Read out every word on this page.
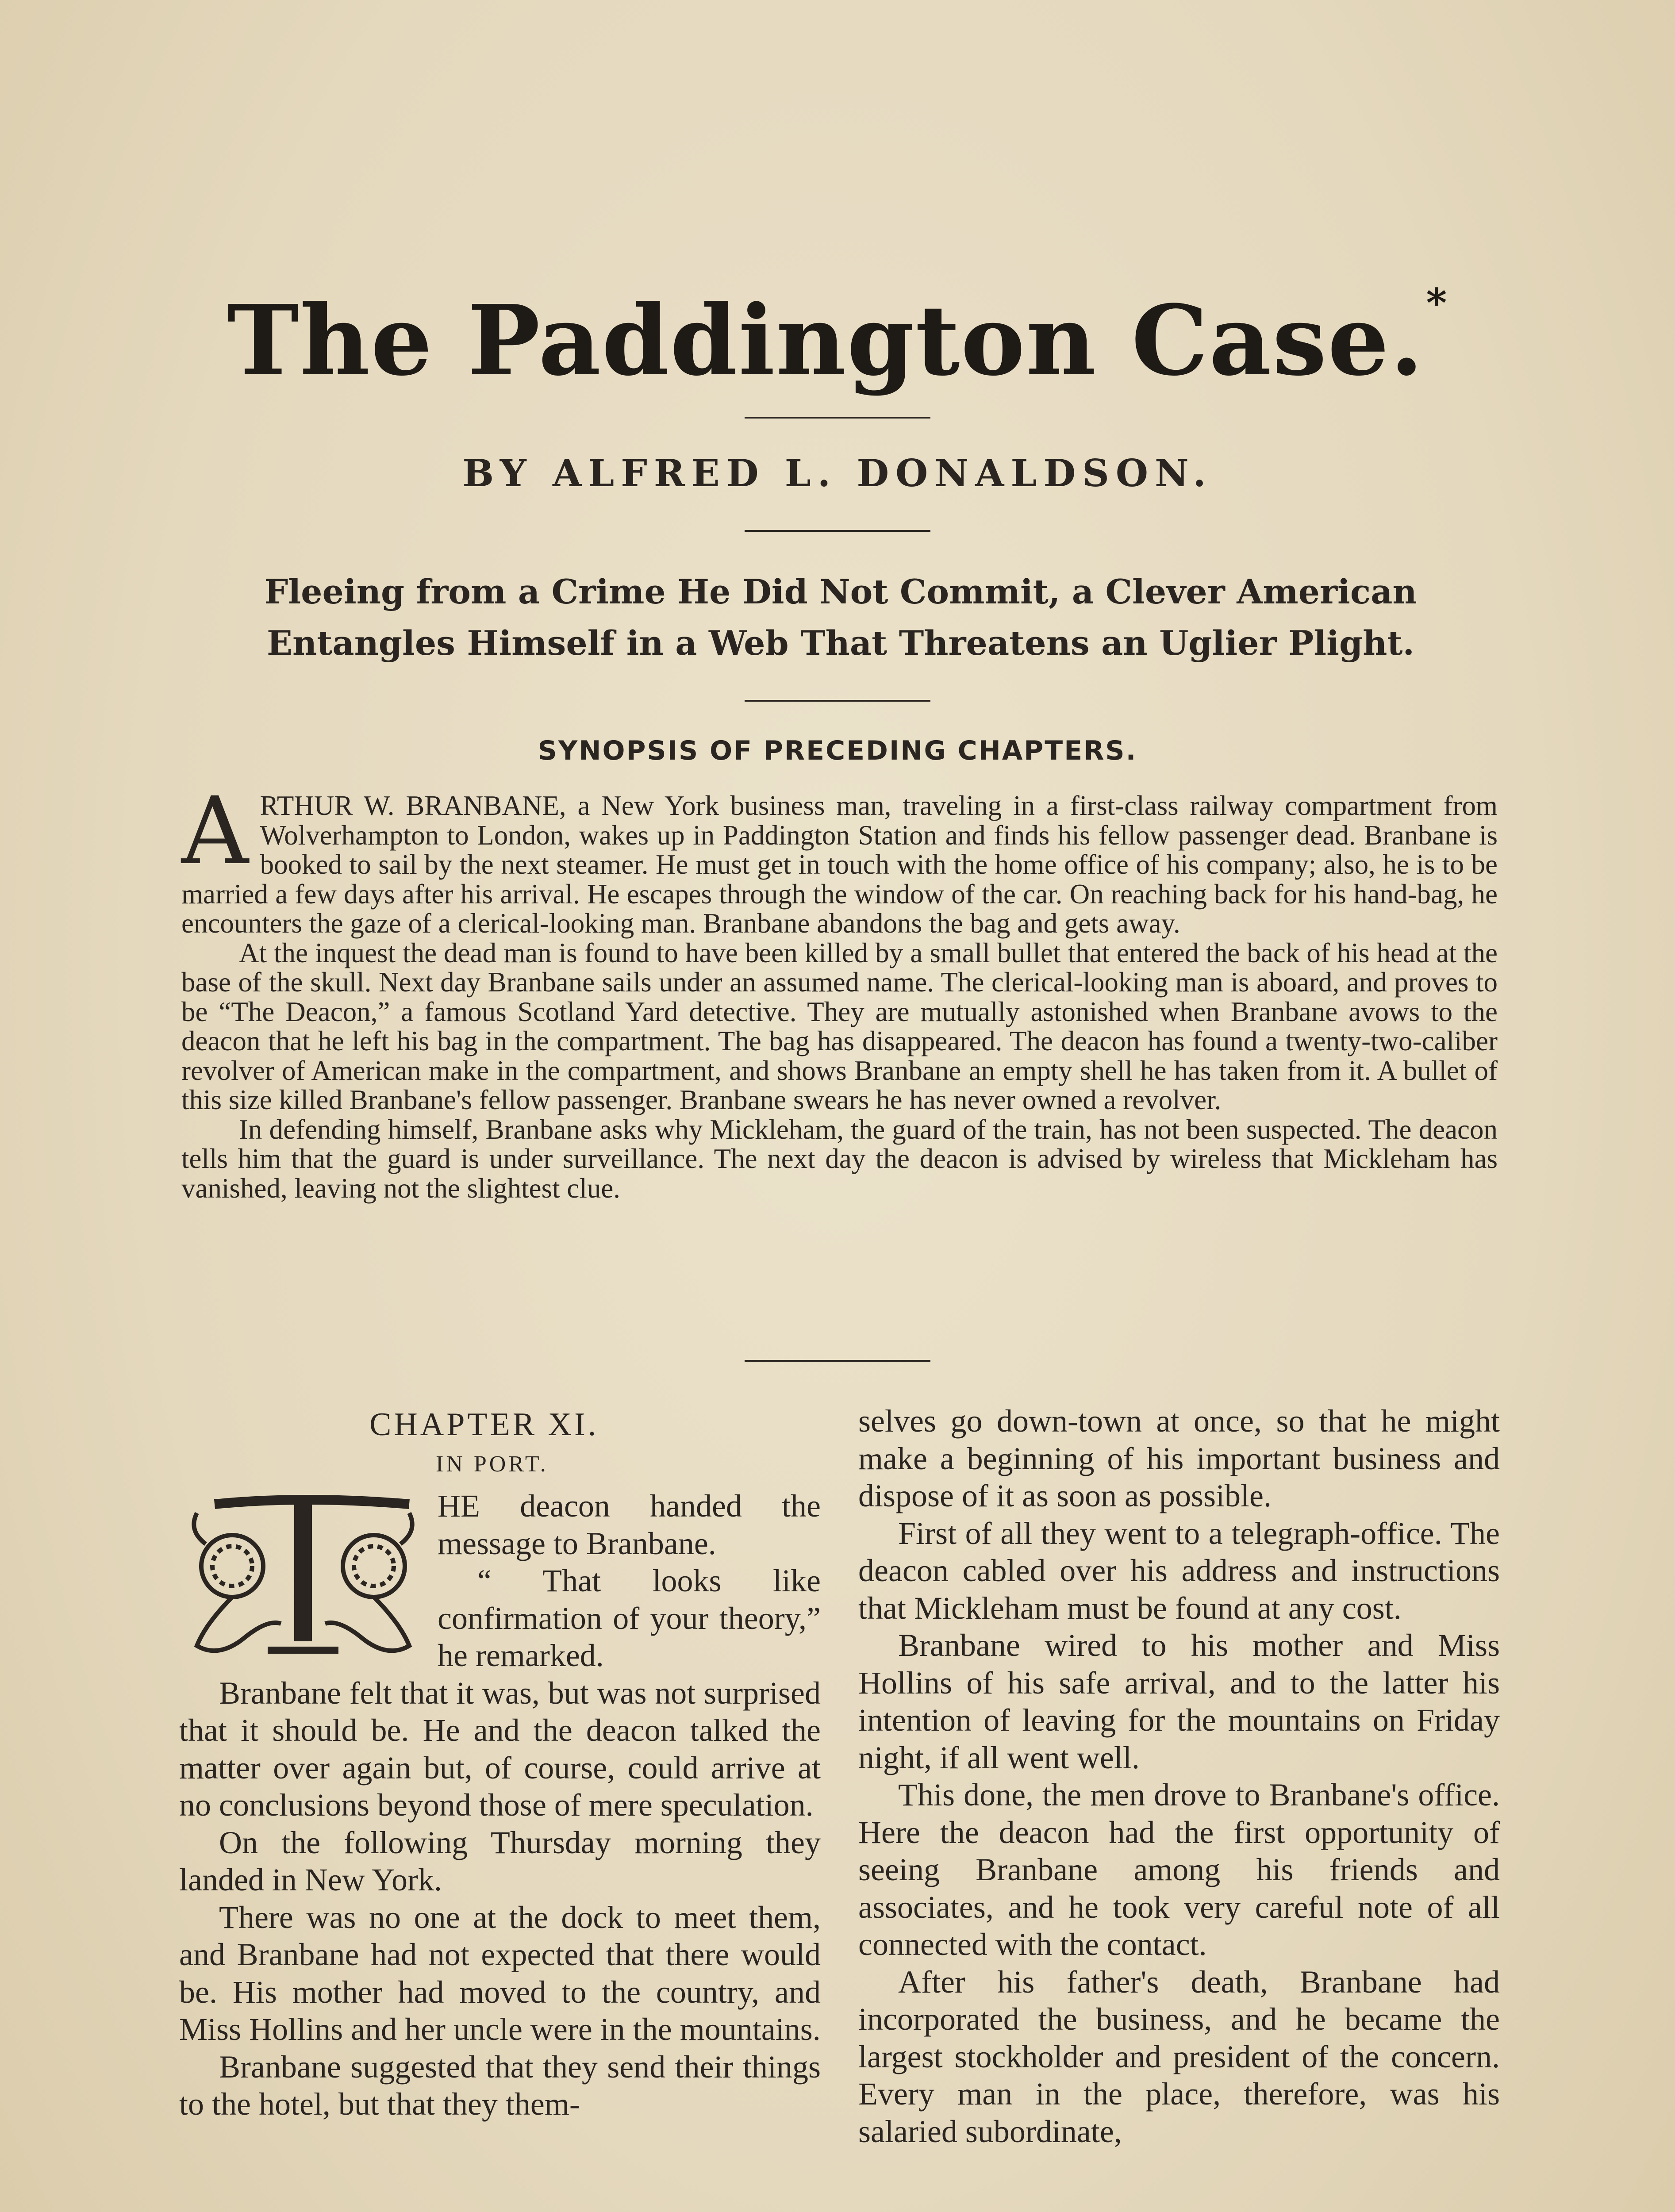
The Paddington Case.*
BY ALFRED L. DONALDSON.
Fleeing from a Crime He Did Not Commit, a Clever American Entangles Himself in a Web That Threatens an Uglier Plight.
SYNOPSIS OF PRECEDING CHAPTERS.

ARTHUR W. BRANBANE, a New York business man, traveling in a first-class railway compartment from Wolverhampton to London, wakes up in Paddington Station and finds his fellow passenger dead. Branbane is booked to sail by the next steamer. He must get in touch with the home office of his company; also, he is to be married a few days after his arrival. He escapes through the window of the car. On reaching back for his hand-bag, he encounters the gaze of a clerical-looking man. Branbane abandons the bag and gets away.

At the inquest the dead man is found to have been killed by a small bullet that entered the back of his head at the base of the skull. Next day Branbane sails under an assumed name. The clerical-looking man is aboard, and proves to be “The Deacon,” a famous Scotland Yard detective. They are mutually astonished when Branbane avows to the deacon that he left his bag in the compartment. The bag has disappeared. The deacon has found a twenty-two-caliber revolver of American make in the compartment, and shows Branbane an empty shell he has taken from it. A bullet of this size killed Branbane's fellow passenger. Branbane swears he has never owned a revolver.

In defending himself, Branbane asks why Mickleham, the guard of the train, has not been suspected. The deacon tells him that the guard is under surveillance. The next day the deacon is advised by wireless that Mickleham has vanished, leaving not the slightest clue.

CHAPTER XI.
IN PORT.

HE deacon handed the message to Branbane.

“ That looks like confirmation of your theory,” he remarked.

Branbane felt that it was, but was not surprised that it should be. He and the deacon talked the matter over again but, of course, could arrive at no conclusions beyond those of mere speculation.

On the following Thursday morning they landed in New York.

There was no one at the dock to meet them, and Branbane had not expected that there would be. His mother had moved to the country, and Miss Hollins and her uncle were in the mountains.

Branbane suggested that they send their things to the hotel, but that they them-

selves go down-town at once, so that he might make a beginning of his important business and dispose of it as soon as possible.

First of all they went to a telegraph-office. The deacon cabled over his address and instructions that Mickleham must be found at any cost.

Branbane wired to his mother and Miss Hollins of his safe arrival, and to the latter his intention of leaving for the mountains on Friday night, if all went well.

This done, the men drove to Branbane's office. Here the deacon had the first opportunity of seeing Branbane among his friends and associates, and he took very careful note of all connected with the contact.

After his father's death, Branbane had incorporated the business, and he became the largest stockholder and president of the concern. Every man in the place, therefore, was his salaried subordinate,
